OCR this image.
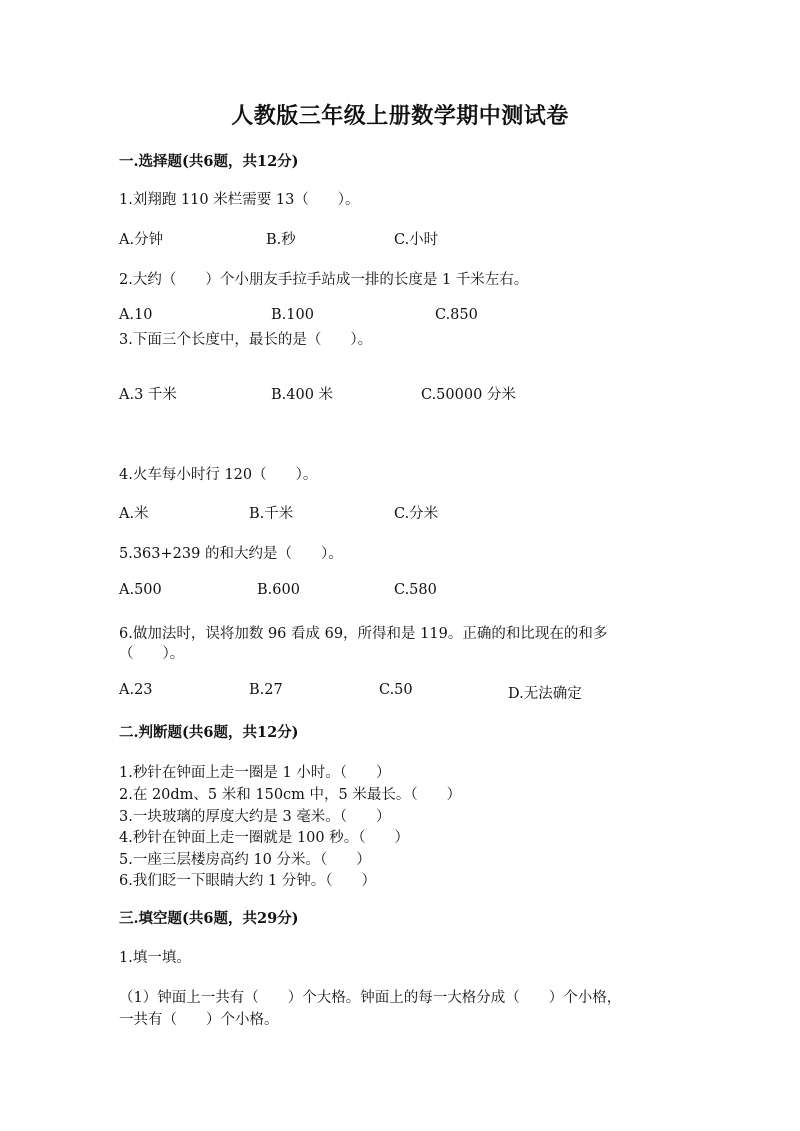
人教版三年级上册数学期中测试卷
一.选择题(共6题，共12分)
1.刘翔跑 110 米栏需要 13（　　）。
A.分钟	B.秒	C.小时
2.大约（　　）个小朋友手拉手站成一排的长度是 1 千米左右。
A.10	B.100	C.850
3.下面三个长度中，最长的是（　　）。
A.3 千米	B.400 米	C.50000 分米
4.火车每小时行 120（　　）。
A.米	B.千米	C.分米
5.363+239 的和大约是（　　）。
A.500	B.600	C.580
6.做加法时，误将加数 96 看成 69，所得和是 119。正确的和比现在的和多
（　　）。
A.23	B.27	C.50	D.无法确定
二.判断题(共6题，共12分)
1.秒针在钟面上走一圈是 1 小时。（　　）
2.在 20dm、5 米和 150cm 中，5 米最长。（　　）
3.一块玻璃的厚度大约是 3 毫米。（　　）
4.秒针在钟面上走一圈就是 100 秒。（　　）
5.一座三层楼房高约 10 分米。（　　）
6.我们眨一下眼睛大约 1 分钟。（　　）
三.填空题(共6题，共29分)
1.填一填。
（1）钟面上一共有（　　）个大格。钟面上的每一大格分成（　　）个小格，
一共有（　　）个小格。
